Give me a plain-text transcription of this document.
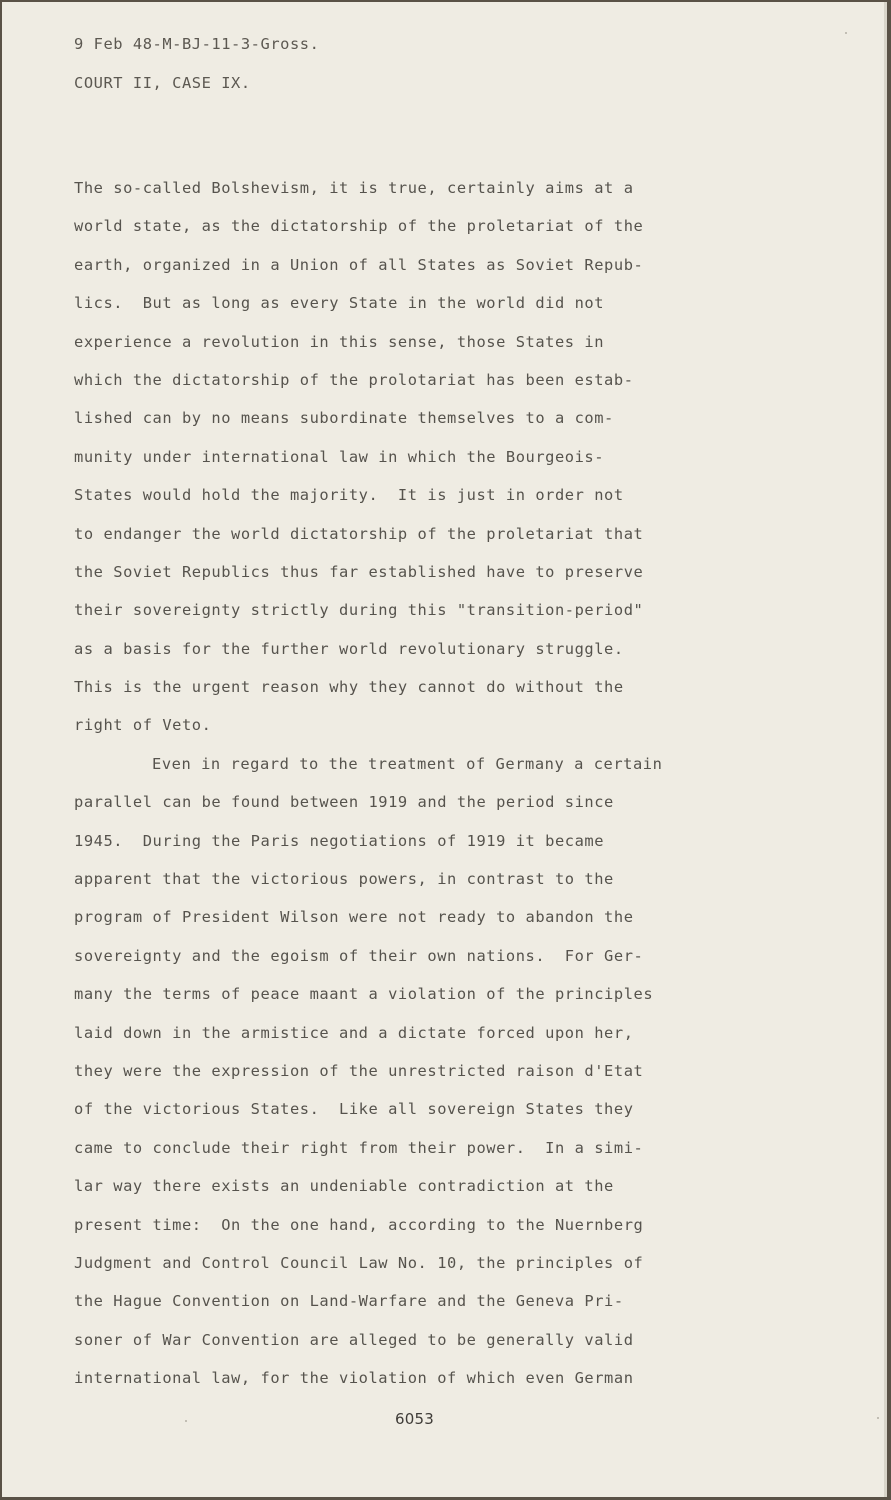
9 Feb 48-M-BJ-11-3-Gross.
COURT II, CASE IX.
The so-called Bolshevism, it is true, certainly aims at a
world state, as the dictatorship of the proletariat of the
earth, organized in a Union of all States as Soviet Repub-
lics.  But as long as every State in the world did not
experience a revolution in this sense, those States in
which the dictatorship of the prolotariat has been estab-
lished can by no means subordinate themselves to a com-
munity under international law in which the Bourgeois-
States would hold the majority.  It is just in order not
to endanger the world dictatorship of the proletariat that
the Soviet Republics thus far established have to preserve
their sovereignty strictly during this "transition-period"
as a basis for the further world revolutionary struggle.
This is the urgent reason why they cannot do without the
right of Veto.
Even in regard to the treatment of Germany a certain
parallel can be found between 1919 and the period since
1945.  During the Paris negotiations of 1919 it became
apparent that the victorious powers, in contrast to the
program of President Wilson were not ready to abandon the
sovereignty and the egoism of their own nations.  For Ger-
many the terms of peace maant a violation of the principles
laid down in the armistice and a dictate forced upon her,
they were the expression of the unrestricted raison d'Etat
of the victorious States.  Like all sovereign States they
came to conclude their right from their power.  In a simi-
lar way there exists an undeniable contradiction at the
present time:  On the one hand, according to the Nuernberg
Judgment and Control Council Law No. 10, the principles of
the Hague Convention on Land-Warfare and the Geneva Pri-
soner of War Convention are alleged to be generally valid
international law, for the violation of which even German
6053
